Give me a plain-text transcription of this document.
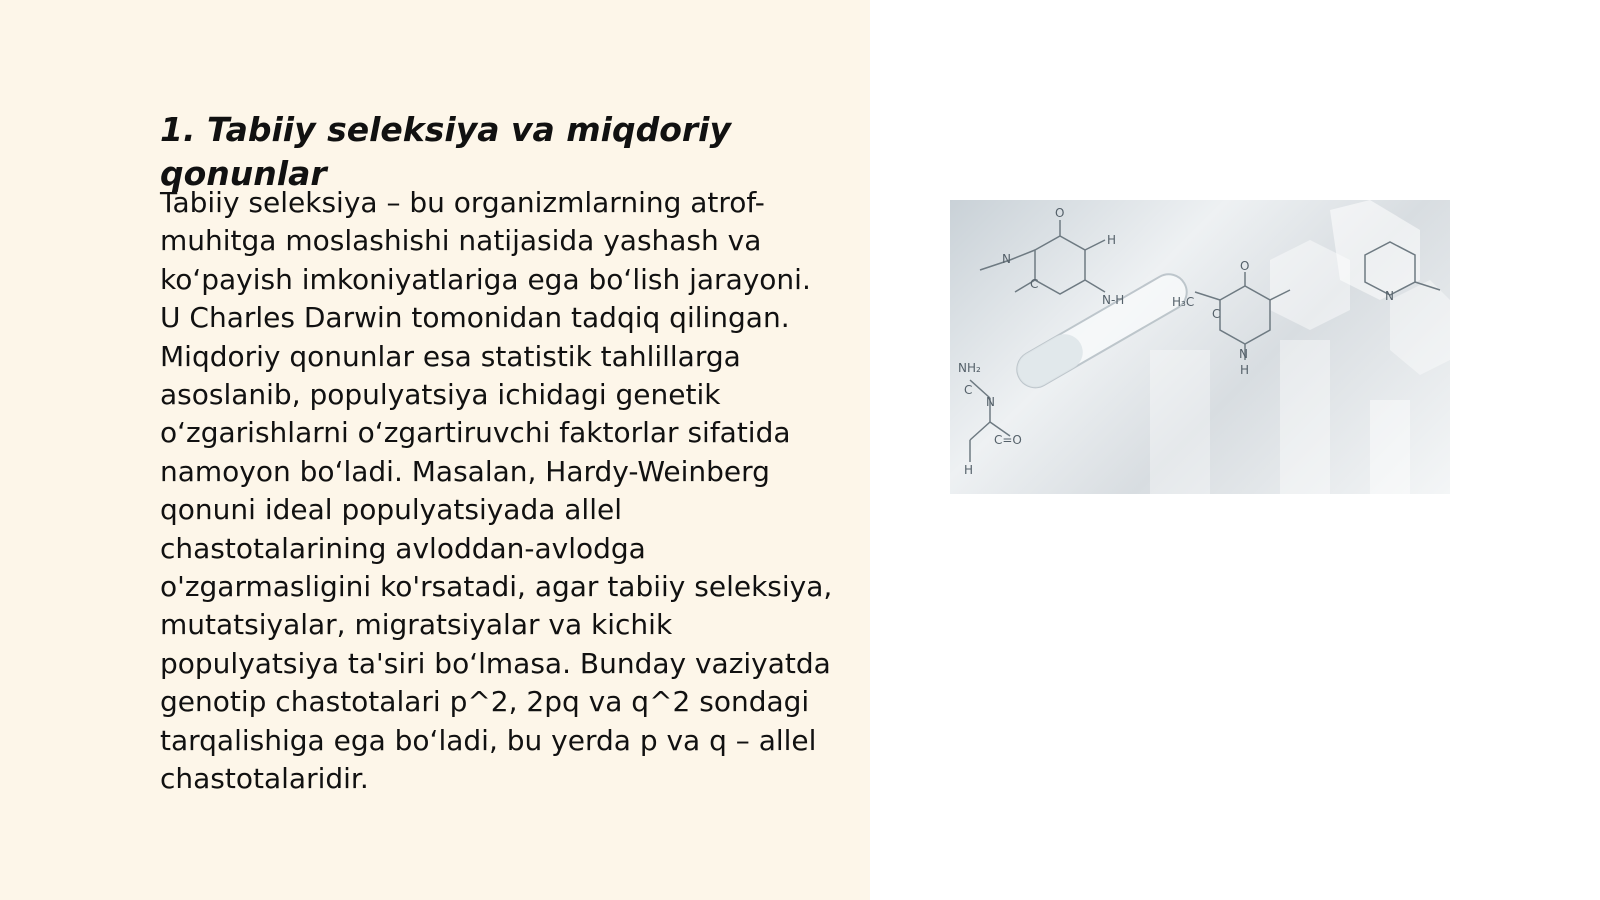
1. Tabiiy seleksiya va miqdoriy qonunlar

Tabiiy seleksiya – bu organizmlarning atrof-muhitga moslashishi natijasida yashash va ko‘payish imkoniyatlariga ega bo‘lish jarayoni. U Charles Darwin tomonidan tadqiq qilingan. Miqdoriy qonunlar esa statistik tahlillarga asoslanib, populyatsiya ichidagi genetik o‘zgarishlarni o‘zgartiruvchi faktorlar sifatida namoyon bo‘ladi. Masalan, Hardy-Weinberg qonuni ideal populyatsiyada allel chastotalarining avloddan-avlodga o'zgarmasligini ko'rsatadi, agar tabiiy seleksiya, mutatsiyalar, migratsiyalar va kichik populyatsiya ta'siri bo‘lmasa. Bunday vaziyatda genotip chastotalari p^2, 2pq va q^2 sondagi tarqalishiga ega bo‘ladi, bu yerda p va q – allel chastotalaridir.

O
N
H
C
N-H	H₃C
O
C
N
H
NH₂
C
N
C=O
H
N
